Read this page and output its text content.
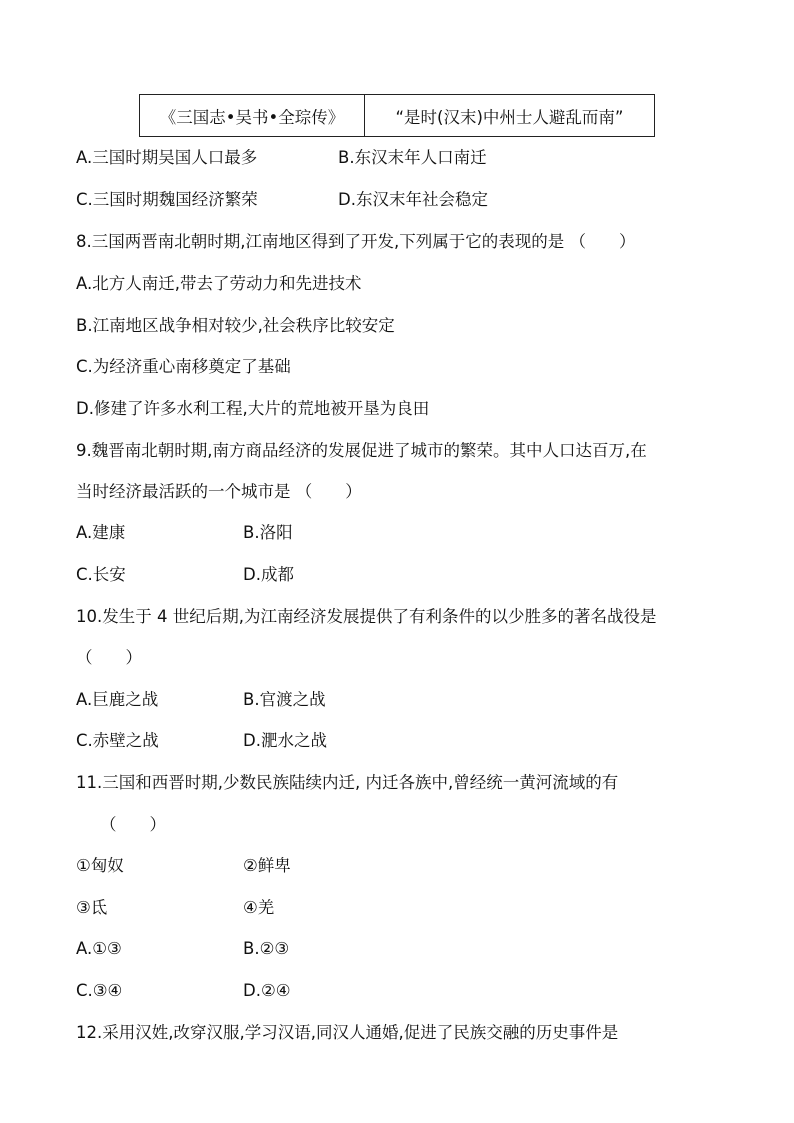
《三国志•吴书•全琮传》	“是时(汉末)中州士人避乱而南”
A.三国时期吴国人口最多	B.东汉末年人口南迁
C.三国时期魏国经济繁荣	D.东汉末年社会稳定
8.三国两晋南北朝时期,江南地区得到了开发,下列属于它的表现的是 （　　）
A.北方人南迁,带去了劳动力和先进技术
B.江南地区战争相对较少,社会秩序比较安定
C.为经济重心南移奠定了基础
D.修建了许多水利工程,大片的荒地被开垦为良田
9.魏晋南北朝时期,南方商品经济的发展促进了城市的繁荣。其中人口达百万,在
当时经济最活跃的一个城市是 （　　）
A.建康	B.洛阳
C.长安	D.成都
10.发生于 4 世纪后期,为江南经济发展提供了有利条件的以少胜多的著名战役是
（　　）
A.巨鹿之战	B.官渡之战
C.赤壁之战	D.淝水之战
11.三国和西晋时期,少数民族陆续内迁, 内迁各族中,曾经统一黄河流域的有
（　　）
①匈奴	②鲜卑
③氐	④羌
A.①③	B.②③
C.③④	D.②④
12.采用汉姓,改穿汉服,学习汉语,同汉人通婚,促进了民族交融的历史事件是
